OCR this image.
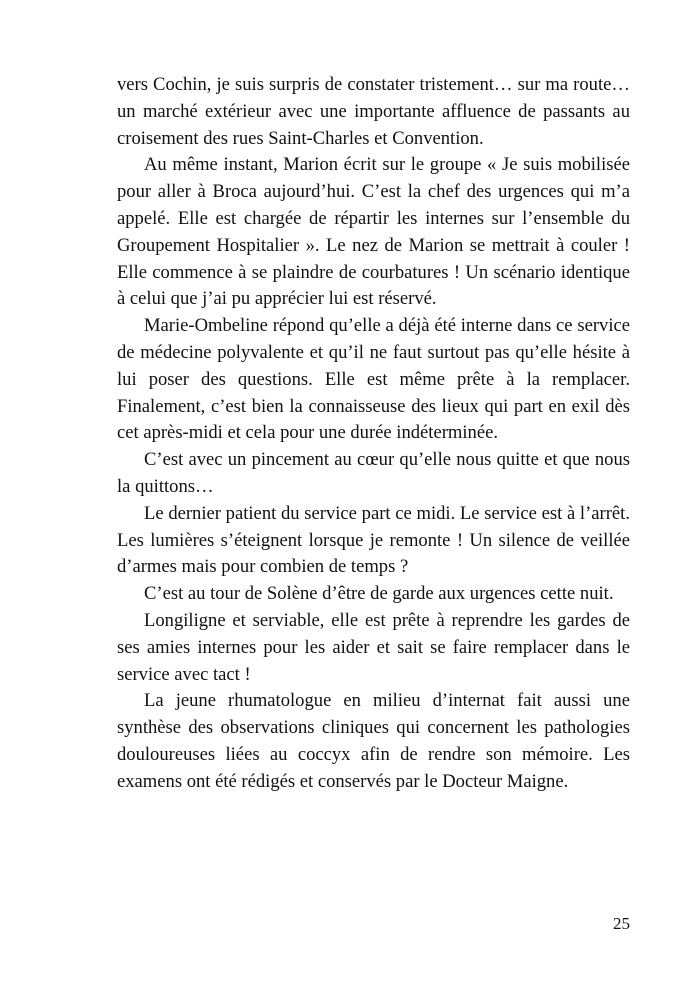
vers Cochin, je suis surpris de constater tristement… sur ma route… un marché extérieur avec une importante affluence de passants au croisement des rues Saint-Charles et Convention.

Au même instant, Marion écrit sur le groupe « Je suis mobilisée pour aller à Broca aujourd’hui. C’est la chef des urgences qui m’a appelé. Elle est chargée de répartir les internes sur l’ensemble du Groupement Hospitalier ». Le nez de Marion se mettrait à couler ! Elle commence à se plaindre de courbatures ! Un scénario identique à celui que j’ai pu apprécier lui est réservé.

Marie-Ombeline répond qu’elle a déjà été interne dans ce service de médecine polyvalente et qu’il ne faut surtout pas qu’elle hésite à lui poser des questions. Elle est même prête à la remplacer. Finalement, c’est bien la connaisseuse des lieux qui part en exil dès cet après-midi et cela pour une durée indéterminée.

C’est avec un pincement au cœur qu’elle nous quitte et que nous la quittons…

Le dernier patient du service part ce midi. Le service est à l’arrêt. Les lumières s’éteignent lorsque je remonte ! Un silence de veillée d’armes mais pour combien de temps ?

C’est au tour de Solène d’être de garde aux urgences cette nuit.

Longiligne et serviable, elle est prête à reprendre les gardes de ses amies internes pour les aider et sait se faire remplacer dans le service avec tact !

La jeune rhumatologue en milieu d’internat fait aussi une synthèse des observations cliniques qui concernent les pathologies douloureuses liées au coccyx afin de rendre son mémoire. Les examens ont été rédigés et conservés par le Docteur Maigne.

25
